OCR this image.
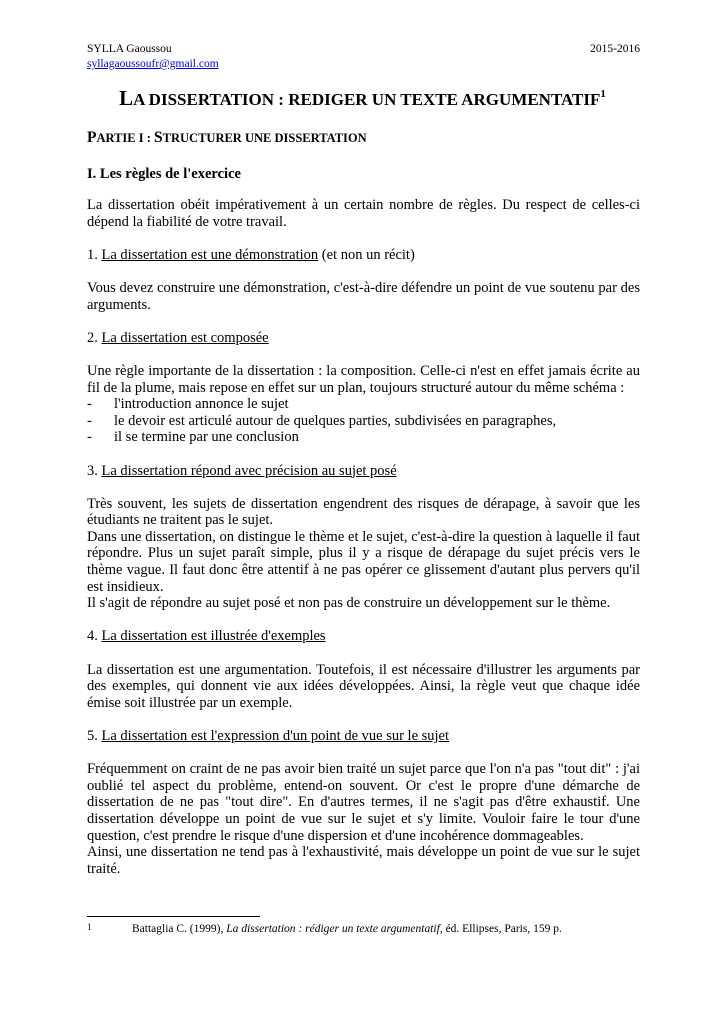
SYLLA Gaoussou	2015-2016
syllagaoussoufr@gmail.com
LA DISSERTATION : REDIGER UN TEXTE ARGUMENTATIF$^1$
PARTIE I : STRUCTURER UNE DISSERTATION
I. Les règles de l'exercice

La dissertation obéit impérativement à un certain nombre de règles. Du respect de celles-ci dépend la fiabilité de votre travail.

1. La dissertation est une démonstration (et non un récit)

Vous devez construire une démonstration, c'est-à-dire défendre un point de vue soutenu par des arguments.

2. La dissertation est composée

Une règle importante de la dissertation : la composition. Celle-ci n'est en effet jamais écrite au fil de la plume, mais repose en effet sur un plan, toujours structuré autour du même schéma :

- l'introduction annonce le sujet
- le devoir est articulé autour de quelques parties, subdivisées en paragraphes,
- il se termine par une conclusion

3. La dissertation répond avec précision au sujet posé

Très souvent, les sujets de dissertation engendrent des risques de dérapage, à savoir que les étudiants ne traitent pas le sujet.

Dans une dissertation, on distingue le thème et le sujet, c'est-à-dire la question à laquelle il faut répondre. Plus un sujet paraît simple, plus il y a risque de dérapage du sujet précis vers le thème vague. Il faut donc être attentif à ne pas opérer ce glissement d'autant plus pervers qu'il est insidieux.

Il s'agit de répondre au sujet posé et non pas de construire un développement sur le thème.

4. La dissertation est illustrée d'exemples

La dissertation est une argumentation. Toutefois, il est nécessaire d'illustrer les arguments par des exemples, qui donnent vie aux idées développées. Ainsi, la règle veut que chaque idée émise soit illustrée par un exemple.

5. La dissertation est l'expression d'un point de vue sur le sujet

Fréquemment on craint de ne pas avoir bien traité un sujet parce que l'on n'a pas "tout dit" : j'ai oublié tel aspect du problème, entend-on souvent. Or c'est le propre d'une démarche de dissertation de ne pas "tout dire". En d'autres termes, il ne s'agit pas d'être exhaustif. Une dissertation développe un point de vue sur le sujet et s'y limite. Vouloir faire le tour d'une question, c'est prendre le risque d'une dispersion et d'une incohérence dommageables.

Ainsi, une dissertation ne tend pas à l'exhaustivité, mais développe un point de vue sur le sujet traité.

1	Battaglia C. (1999), La dissertation : rédiger un texte argumentatif, éd. Ellipses, Paris, 159 p.
